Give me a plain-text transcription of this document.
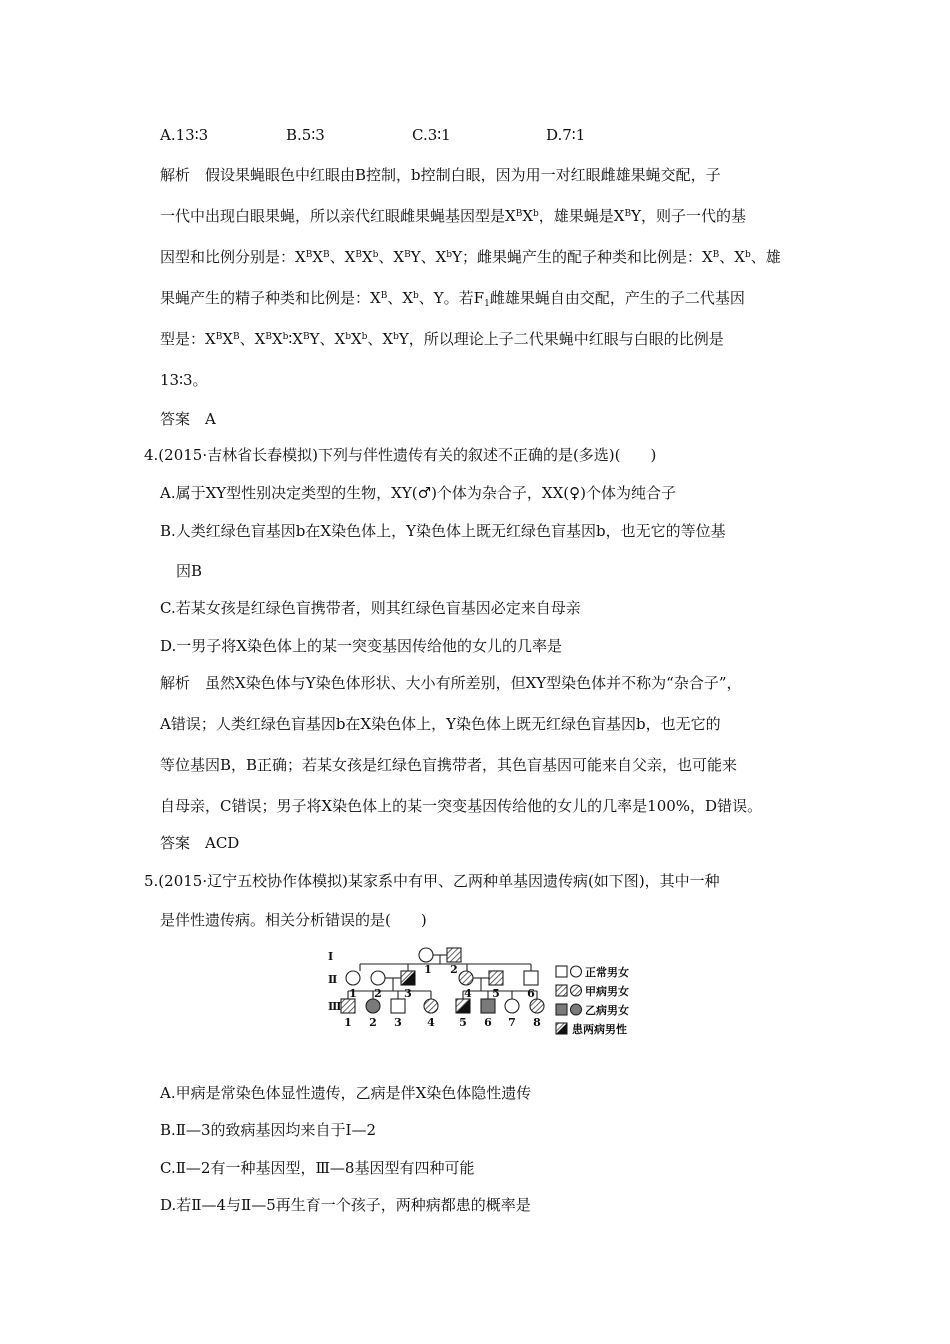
A.13∶3	B.5∶3	C.3∶1	D.7∶1
解析　假设果蝇眼色中红眼由B控制，b控制白眼，因为用一对红眼雌雄果蝇交配，子
一代中出现白眼果蝇，所以亲代红眼雌果蝇基因型是$X^BX^b$，雄果蝇是$X^BY$，则子一代的基
因型和比例分别是：$X^BX^B$、$X^BX^b$、$X^BY$、$X^bY$；雌果蝇产生的配子种类和比例是：$X^B$、$X^b$、雄
果蝇产生的精子种类和比例是：$X^B$、$X^b$、Y。若$F_1$雌雄果蝇自由交配，产生的子二代基因
型是：$X^BX^B$、$X^BX^b∶X^BY$、$X^bX^b$、$X^bY$，所以理论上子二代果蝇中红眼与白眼的比例是
13∶3。
答案　A
4.(2015·吉林省长春模拟)下列与伴性遗传有关的叙述不正确的是(多选)(　　)
A.属于XY型性别决定类型的生物，XY(♂)个体为杂合子，XX(♀)个体为纯合子
B.人类红绿色盲基因b在X染色体上，Y染色体上既无红绿色盲基因b，也无它的等位基
因B
C.若某女孩是红绿色盲携带者，则其红绿色盲基因必定来自母亲
D.一男子将X染色体上的某一突变基因传给他的女儿的几率是
解析　虽然X染色体与Y染色体形状、大小有所差别，但XY型染色体并不称为“杂合子”，
A错误；人类红绿色盲基因b在X染色体上，Y染色体上既无红绿色盲基因b，也无它的
等位基因B，B正确；若某女孩是红绿色盲携带者，其色盲基因可能来自父亲，也可能来
自母亲，C错误；男子将X染色体上的某一突变基因传给他的女儿的几率是100%，D错误。
答案　ACD
5.(2015·辽宁五校协作体模拟)某家系中有甲、乙两种单基因遗传病(如下图)，其中一种
是伴性遗传病。相关分析错误的是(　　)
Ⅰ
Ⅱ
Ⅲ
1 2
1 2 3	4 5 6
1 2 3 4 5 6 7 8
正常男女
甲病男女
乙病男女
患两病男性
A.甲病是常染色体显性遗传，乙病是伴X染色体隐性遗传
B.Ⅱ—3的致病基因均来自于Ⅰ—2
C.Ⅱ—2有一种基因型，Ⅲ—8基因型有四种可能
D.若Ⅱ—4与Ⅱ—5再生育一个孩子，两种病都患的概率是
